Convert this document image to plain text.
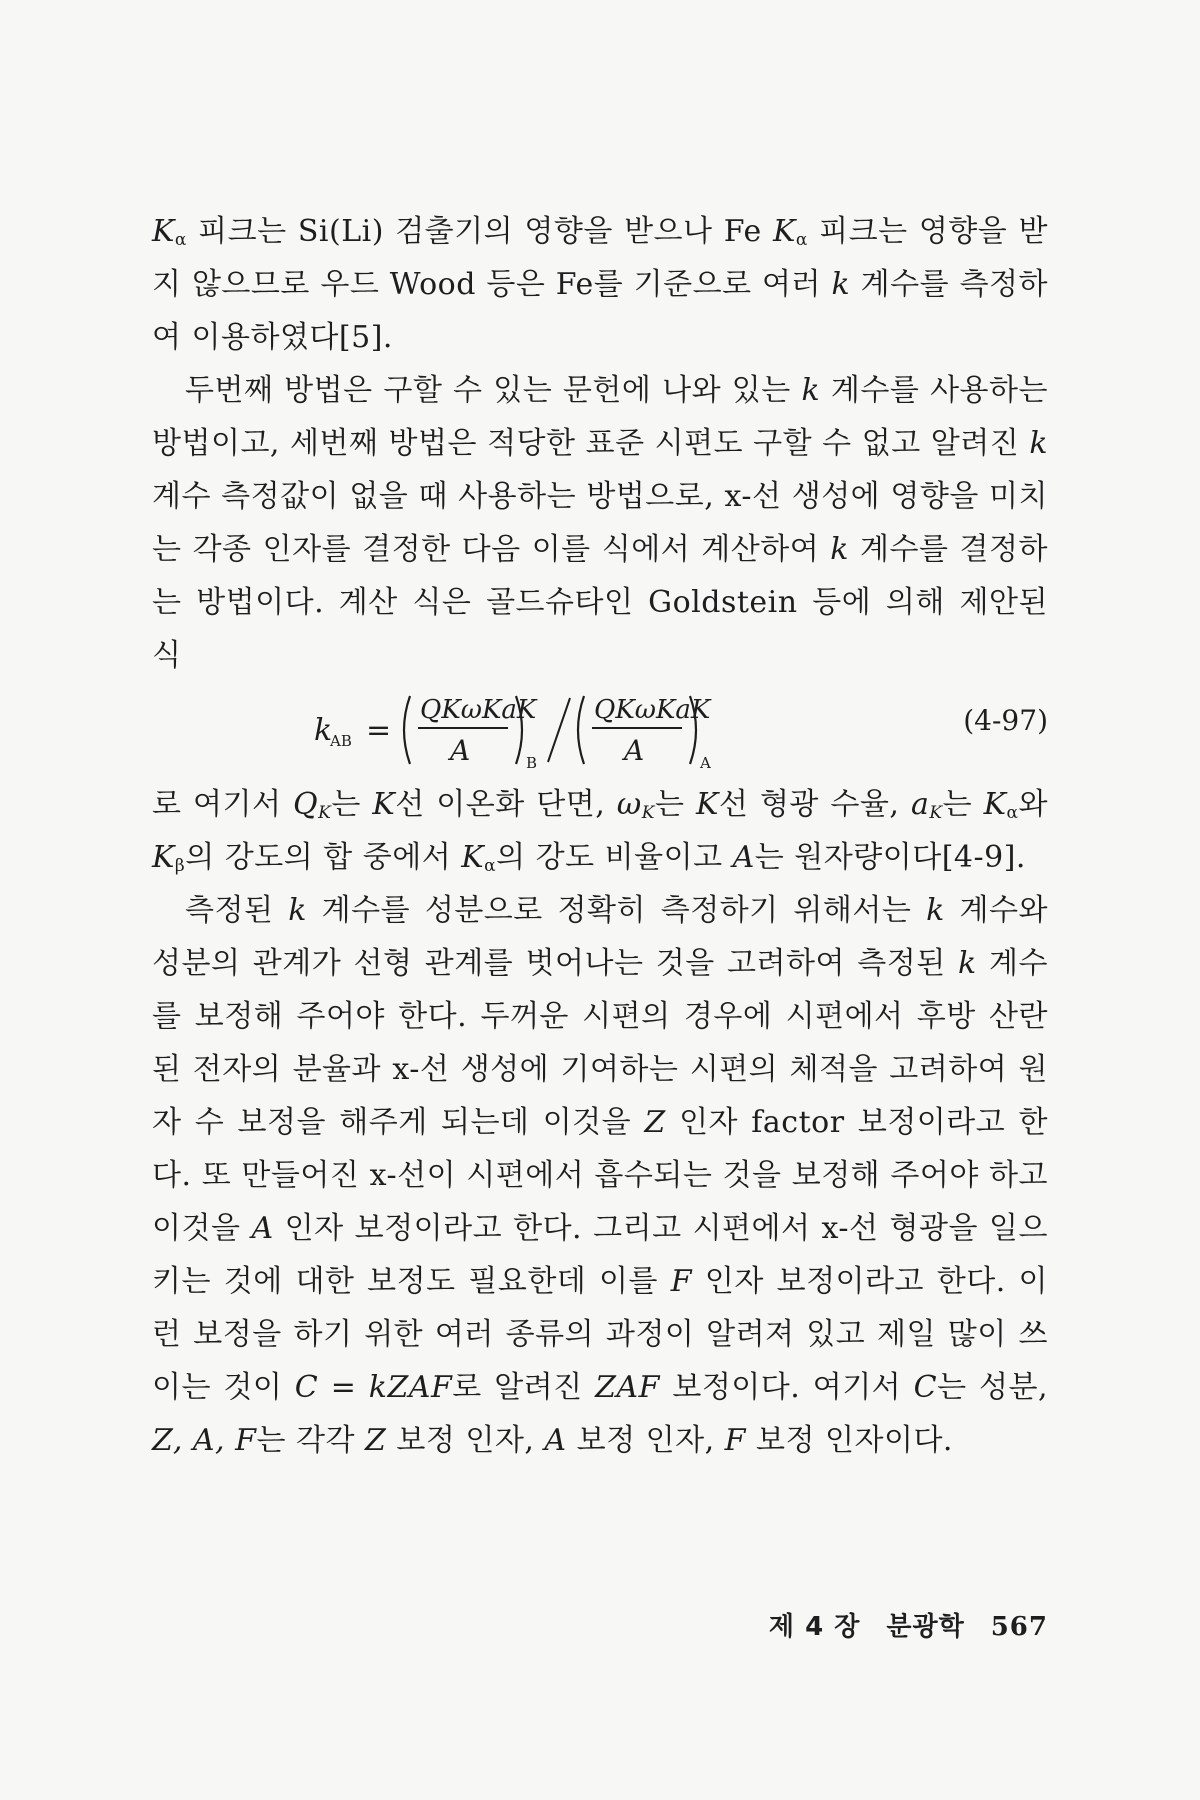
$K_\alpha$ 피크는 Si(Li) 검출기의 영향을 받으나 Fe $K_\alpha$ 피크는 영향을 받지 않으므로 우드 Wood 등은 Fe를 기준으로 여러 k 계수를 측정하여 이용하였다[5].

두번째 방법은 구할 수 있는 문헌에 나와 있는 k 계수를 사용하는 방법이고, 세번째 방법은 적당한 표준 시편도 구할 수 없고 알려진 k 계수 측정값이 없을 때 사용하는 방법으로, x-선 생성에 영향을 미치는 각종 인자를 결정한 다음 이를 식에서 계산하여 k 계수를 결정하는 방법이다. 계산 식은 골드슈타인 Goldstein 등에 의해 제안된 식

k
AB =
QKωKaK
A	B
QKωKaK
A	A
(4-97)

로 여기서 $Q_K$는 K선 이온화 단면, $\omega_K$는 K선 형광 수율, $a_K$는 $K_\alpha$와 $K_\beta$의 강도의 합 중에서 $K_\alpha$의 강도 비율이고 A는 원자량이다[4-9].

측정된 k 계수를 성분으로 정확히 측정하기 위해서는 k 계수와 성분의 관계가 선형 관계를 벗어나는 것을 고려하여 측정된 k 계수를 보정해 주어야 한다. 두꺼운 시편의 경우에 시편에서 후방 산란된 전자의 분율과 x-선 생성에 기여하는 시편의 체적을 고려하여 원자 수 보정을 해주게 되는데 이것을 Z 인자 factor 보정이라고 한다. 또 만들어진 x-선이 시편에서 흡수되는 것을 보정해 주어야 하고 이것을 A 인자 보정이라고 한다. 그리고 시편에서 x-선 형광을 일으키는 것에 대한 보정도 필요한데 이를 F 인자 보정이라고 한다. 이런 보정을 하기 위한 여러 종류의 과정이 알려져 있고 제일 많이 쓰이는 것이 C = kZAF로 알려진 ZAF 보정이다. 여기서 C는 성분, Z, A, F는 각각 Z 보정 인자, A 보정 인자, F 보정 인자이다.

제 4 장 분광학 567
